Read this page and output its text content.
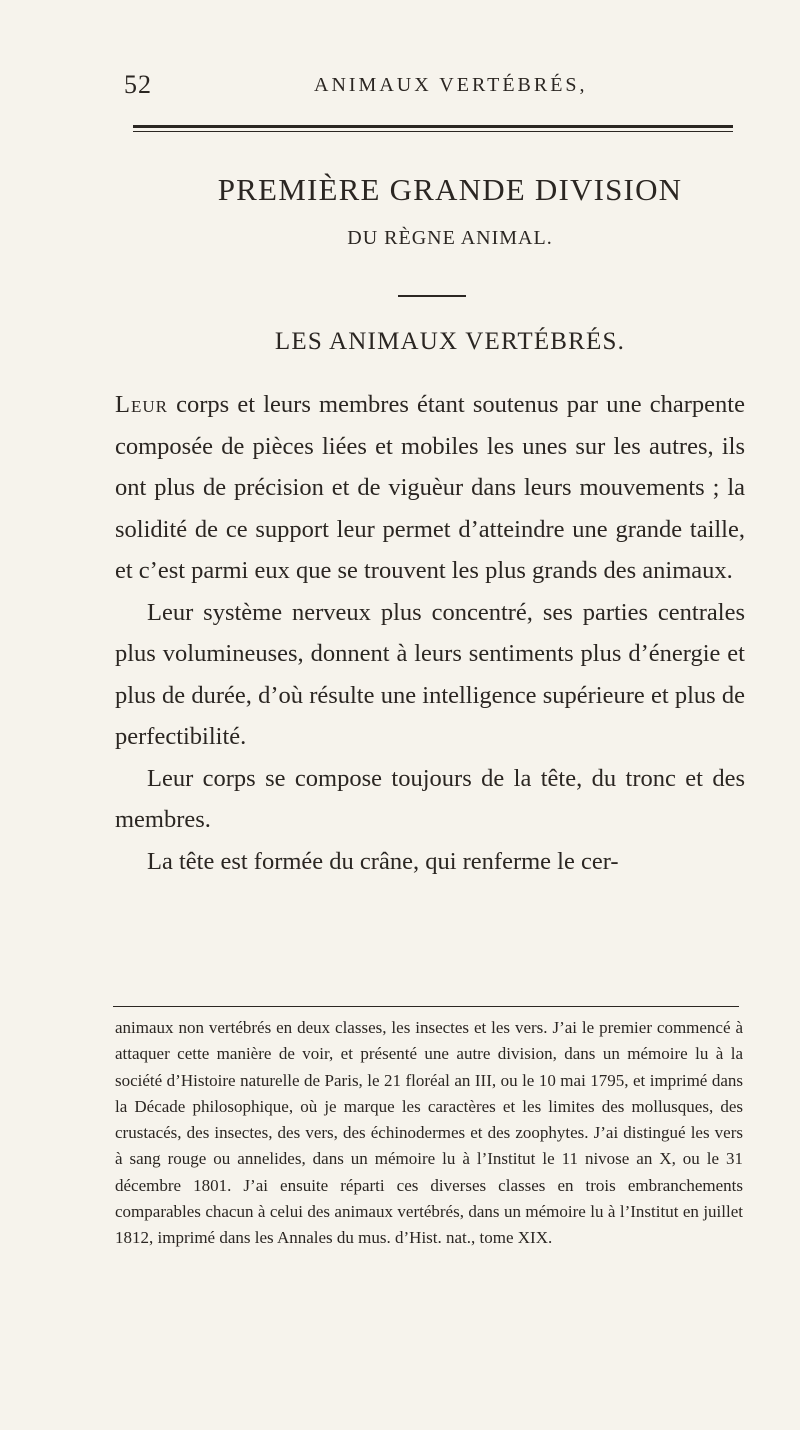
52	ANIMAUX VERTÉBRÉS,
PREMIÈRE GRANDE DIVISION
DU RÈGNE ANIMAL.
LES ANIMAUX VERTÉBRÉS.

Leur corps et leurs membres étant soutenus par une charpente composée de pièces liées et mobiles les unes sur les autres, ils ont plus de précision et de viguèur dans leurs mouvements ; la solidité de ce support leur permet d’atteindre une grande taille, et c’est parmi eux que se trouvent les plus grands des animaux.

Leur système nerveux plus concentré, ses parties centrales plus volumineuses, donnent à leurs sentiments plus d’énergie et plus de durée, d’où résulte une intelligence supérieure et plus de perfectibilité.

Leur corps se compose toujours de la tête, du tronc et des membres.

La tête est formée du crâne, qui renferme le cer-

animaux non vertébrés en deux classes, les insectes et les vers. J’ai le premier commencé à attaquer cette manière de voir, et présenté une autre division, dans un mémoire lu à la société d’Histoire naturelle de Paris, le 21 floréal an III, ou le 10 mai 1795, et imprimé dans la Décade philosophique, où je marque les caractères et les limites des mollusques, des crustacés, des insectes, des vers, des échinodermes et des zoophytes. J’ai distingué les vers à sang rouge ou annelides, dans un mémoire lu à l’Institut le 11 nivose an X, ou le 31 décembre 1801. J’ai ensuite réparti ces diverses classes en trois embranchements comparables chacun à celui des animaux vertébrés, dans un mémoire lu à l’Institut en juillet 1812, imprimé dans les Annales du mus. d’Hist. nat., tome XIX.
